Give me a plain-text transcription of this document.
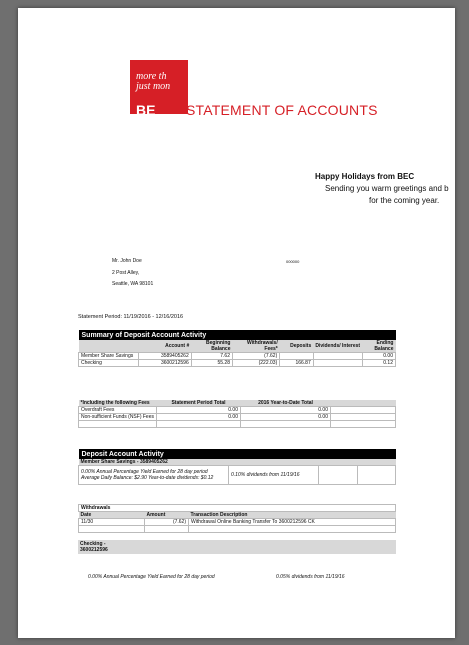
more th
just mon
BE STATEMENT OF ACCOUNTS
Happy Holidays from BEC
Sending you warm greetings and b
for the coming year.
Mr. John Doe
2 Post Alley,
Seattle, WA 98101
000000
Statement Period: 11/19/2016 - 12/16/2016
Summary of Deposit Account Activity						
	Account #	Beginning Balance	Withdrawals/ Fees*	Deposits	Dividends/ Interest	Ending Balance
Member Share Savings	3589405262	7.62	(7.62)			0.00
Checking	3600212596	55.28	(222.03)	166.87		0.12
*Including the following Fees	Statement Period Total	2016 Year-to-Date Total	
Overdraft Fees	0.00	0.00	
Non-sufficient Funds (NSF) Fees	0.00	0.00	

Deposit Account Activity			
Member Share Savings - 3589405262			
0.00% Annual Percentage Yield Earned for 28 day period Average Daily Balance: $2.90 Year-to-date dividends: $0.12	0.10% dividends from 11/19/16		
Withdrawals		
Date	Amount	Transaction Description
11/30	(7.62)	Withdrawal Online Banking Transfer To 3600212596 CK

Checking - 3600212596			
0.00% Annual Percentage Yield Earned for 28 day period	0.05% dividends from 11/19/16
